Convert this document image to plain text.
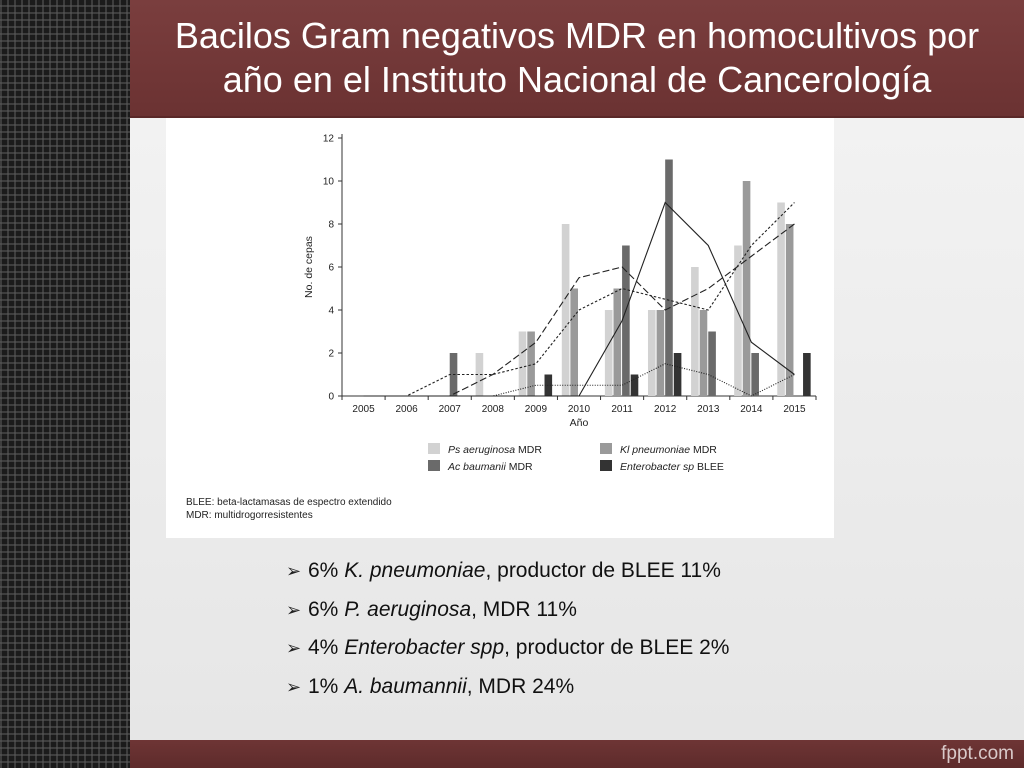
Bacilos Gram negativos MDR en homocultivos por
año en el Instituto Nacional de Cancerología
0
2
4
6
8
10
12
2005 2006 2007 2008 2009 2010 2011 2012 2013 2014 2015
Año
No. de cepas
Ps aeruginosa MDR	Kl pneumoniae MDR
Ac baumanii MDR	Enterobacter sp BLEE
BLEE: beta-lactamasas de espectro extendido
MDR: multidrogorresistentes
➢ 6% K. pneumoniae, productor de BLEE 11%
➢ 6% P. aeruginosa, MDR 11%
➢ 4% Enterobacter spp, productor de BLEE 2%
➢ 1% A. baumannii, MDR 24%
fppt.com
